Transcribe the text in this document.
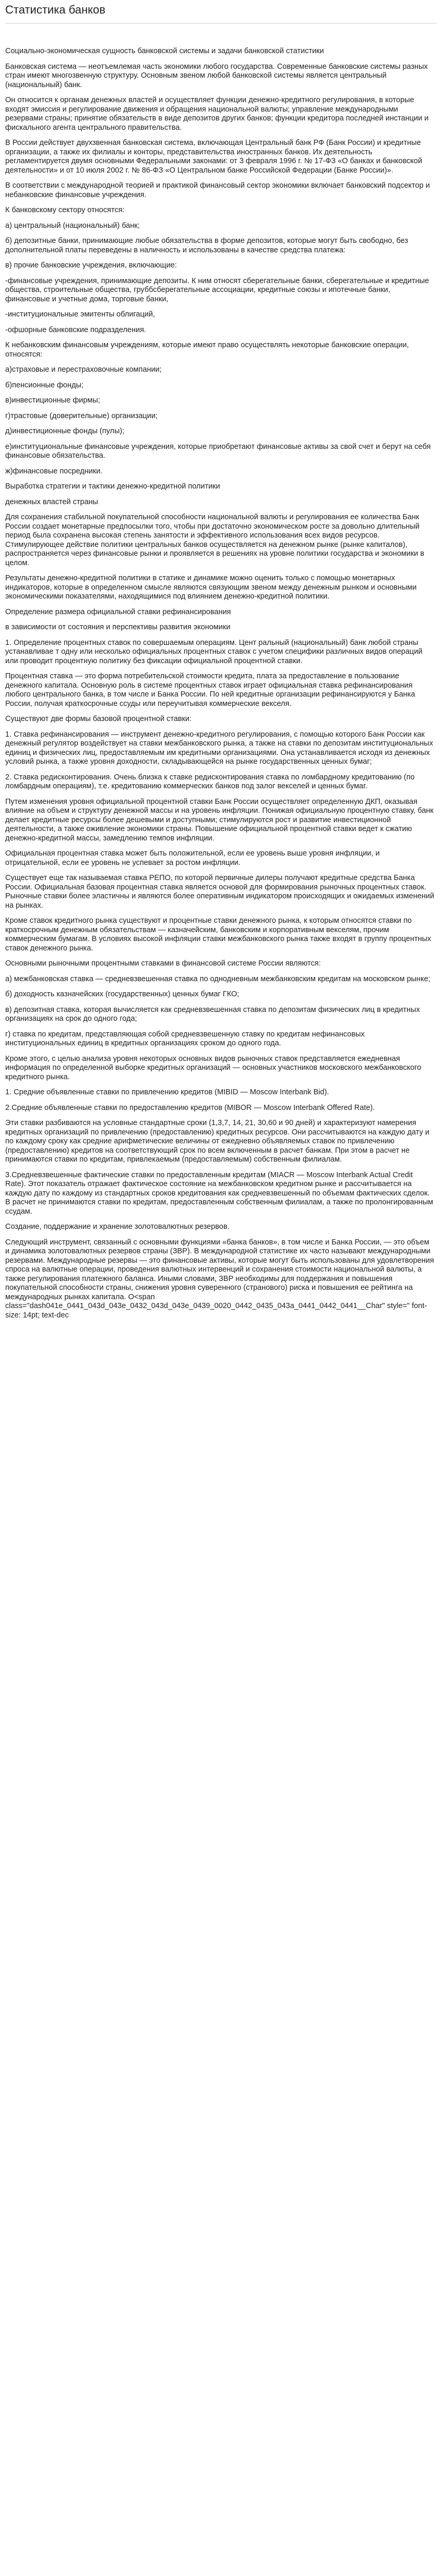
Статистика банков

Социально-экономическая сущность банковской системы и задачи банковской статистики

Банковская система — неотъемлемая часть экономики любого государства. Современные банковские системы разных стран имеют многозвенную структуру. Основным звеном любой банковской системы является центральный (национальный) банк.

Он относится к органам денежных властей и осуществляет функции денежно-кредитного регулирования, в которые входят эмиссия и регулирование движения и обращения национальной валюты; управление международными резервами страны; принятие обязательств в виде депозитов других банков; функции кредитора последней инстанции и фискального агента центрального правительства.

В России действует двухзвенная банковская система, включающая Центральный банк РФ (Банк России) и кредитные организации, а также их филиалы и конторы, представительства иностранных банков. Их деятельность регламентируется двумя основными Федеральными законами: от 3 февраля 1996 г. № 17-ФЗ «О банках и банковской деятельности» и от 10 июля 2002 г. № 86-ФЗ «О Центральном банке Российской Федерации (Банке России)».

В соответствии с международной теорией и практикой финансовый сектор экономики включает банковский подсектор и небанковские финансовые учреждения.

К банковскому сектору относятся:

а) центральный (национальный) банк;

б) депозитные банки, принимающие любые обязательства в форме депозитов, которые могут быть свободно, без дополнительной платы переведены в наличность и использованы в качестве средства платежа:

в) прочие банковские учреждения, включающие:

-финансовые учреждения, принимающие депозиты. К ним относят сберегательные банки, сберегательные и кредитные общества, строительные общества, груббсберегательные ассоциации, кредитные союзы и ипотечные банки, финансовые и учетные дома, торговые банки,

-институциональные эмитенты облигаций,

-офшорные банковские подразделения.

К небанковским финансовым учреждениям, которые имеют право осуществлять некоторые банковские операции, относятся:

а)страховые и перестраховочные компании;

б)пенсионные фонды;

в)инвестиционные фирмы;

г)трастовые (доверительные) организации;

д)инвестиционные фонды (пулы);

е)институциональные финансовые учреждения, которые приобретают финансовые активы за свой счет и берут на себя финансовые обязательства.

ж)финансовые посредники.

Выработка стратегии и тактики денежно-кредитной политики

денежных властей страны

Для сохранения стабильной покупательной способности национальной валюты и регулирования ее количества Банк России создает монетарные предпосылки того, чтобы при достаточно экономическом росте за довольно длительный период была сохранена высокая степень занятости и эффективного использования всех видов ресурсов. Стимулирующее действие политики центральных банков осуществляется на денежном рынке (рынке капиталов), распространяется через финансовые рынки и проявляется в решениях на уровне политики государства и экономики в целом.

Результаты денежно-кредитной политики в статике и динамике можно оценить только с помощью монетарных индикаторов, которые в определенном смысле являются связующим звеном между денежным рынком и основными экономическими показателями, находящимися под влиянием денежно-кредитной политики.

Определение размера официальной ставки рефинансирования

в зависимости от состояния и перспективы развития экономики

1. Определение процентных ставок по совершаемым операциям. Цент ральный (национальный) банк любой страны устанавливае т одну или несколько официальных процентных ставок с учетом специфики различных видов операций или проводит процентную политику без фиксации официальной процентной ставки.

Процентная ставка — это форма потребительской стоимости кредита, плата за предоставление в пользование денежного капитала. Основную роль в системе процентных ставок играет официальная ставка рефинансирования любого центрального банка, в том числе и Банка России. По ней кредитные организации рефинансируются у Банка России, получая краткосрочные ссуды или переучитывая коммерческие векселя.

Существуют две формы базовой процентной ставки:

1. Ставка рефинансирования — инструмент денежно-кредитного регулирования, с помощью которого Банк России как денежный регулятор воздействует на ставки межбанковского рынка, а также на ставки по депозитам институциональных единиц и физических лиц, предоставляемым им кредитными организациями. Она устанавливается исходя из денежных условий рынка, а также уровня доходности, складывающейся на рынке государственных ценных бумаг;

2. Ставка редисконтирования. Очень близка к ставке редисконтирования ставка по ломбардному кредитованию (по ломбардным операциям), т.е. кредитованию коммерческих банков под залог векселей и ценных бумаг.

Путем изменения уровня официальной процентной ставки Банк России осуществляет определенную ДКП, оказывая влияние на объем и структуру денежной массы и на уровень инфляции. Понижая официальную процентную ставку, банк делает кредитные ресурсы более дешевыми и доступными; стимулируются рост и развитие инвестиционной деятельности, а также оживление экономики страны. Повышение официальной процентной ставки ведет к сжатию денежно-кредитной массы, замедлению темпов инфляции.

Официальная процентная ставка может быть положительной, если ее уровень выше уровня инфляции, и отрицательной, если ее уровень не успевает за ростом инфляции.

Существует еще так называемая ставка РЕПО, по которой первичные дилеры получают кредитные средства Банка России. Официальная базовая процентная ставка является основой для формирования рыночных процентных ставок. Рыночные ставки более эластичны и являются более оперативным индикатором происходящих и ожидаемых изменений на рынках.

Кроме ставок кредитного рынка существуют и процентные ставки денежного рынка, к которым относятся ставки по краткосрочным денежным обязательствам — казначейским, банковским и корпоративным векселям, прочим коммерческим бумагам. В условиях высокой инфляции ставки межбанковского рынка также входят в группу процентных ставок денежного рынка.

Основными рыночными процентными ставками в финансовой системе России являются:

а) межбанковская ставка — средневзвешенная ставка по однодневным межбанковским кредитам на московском рынке;

б) доходность казначейских (государственных) ценных бумаг ГКО;

в) депозитная ставка, которая вычисляется как средневзвешенная ставка по депозитам физических лиц в кредитных организациях на срок до одного года;

г) ставка по кредитам, представляющая собой средневзвешенную ставку по кредитам нефинансовых институциональных единиц в кредитных организациях сроком до одного года.

Кроме этого, с целью анализа уровня некоторых основных видов рыночных ставок представляется ежедневная информация по определенной выборке кредитных организаций — основных участников московского межбанковского кредитного рынка.

1. Средние объявленные ставки по привлечению кредитов (MIBID — Moscow Interbank Bid).

2.Средние объявленные ставки по предоставлению кредитов (MIBOR — Moscow Interbank Offered Rate).

Эти ставки разбиваются на условные стандартные сроки (1,3,7, 14, 21, 30,60 и 90 дней) и характеризуют намерения кредитных организаций по привлечению (предоставлению) кредитных ресурсов. Они рассчитываются на каждую дату и по каждому сроку как средние арифметические величины от ежедневно объявляемых ставок по привлечению (предоставлению) кредитов на соответствующий срок по всем включенным в расчет банкам. При этом в расчет не принимаются ставки по кредитам, привлекаемым (предоставляемым) собственным филиалам.

3.Средневзвешенные фактические ставки по предоставленным кредитам (MIACR — Moscow Interbank Actual Credit Rate). Этот показатель отражает фактическое состояние на межбанковском кредитном рынке и рассчитывается на каждую дату по каждому из стандартных сроков кредитования как средневзвешенный по объемам фактических сделок. В расчет не принимаются ставки по кредитам, предоставленным собственным филиалам, а также по пролонгированным ссудам.

Создание, поддержание и хранение золотовалютных резервов.

Следующий инструмент, связанный с основными функциями «банка банков», в том числе и Банка России, — это объем и динамика золотовалютных резервов страны (ЗВР). В международной статистике их часто называют международными резервами. Международные резервы — это финансовые активы, которые могут быть использованы для удовлетворения спроса на валютные операции, проведения валютных интервенций и сохранения стоимости национальной валюты, а также регулирования платежного баланса. Иными словами, ЗВР необходимы для поддержания и повышения покупательной способности страны, снижения уровня суверенного (странового) риска и повышения ее рейтинга на международных рынках капитала. О<span class="dash041e_0441_043d_043e_0432_043d_043e_0439_0020_0442_0435_043a_0441_0442_0441__Char" style=" font-size: 14pt; text-dec
